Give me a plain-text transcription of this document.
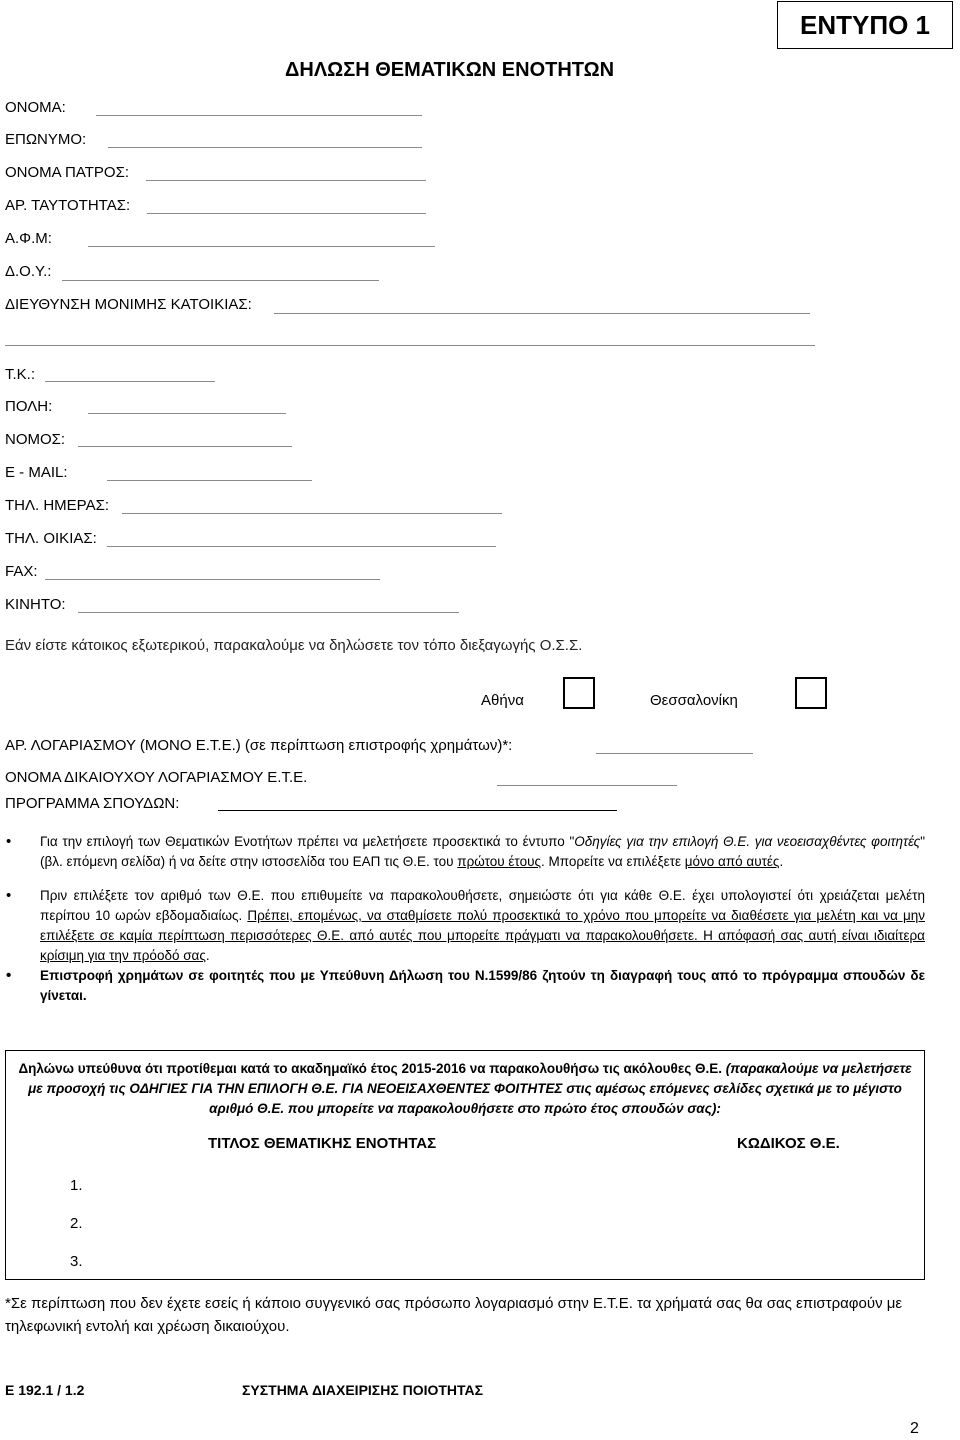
ΕΝΤΥΠΟ 1
ΔΗΛΩΣΗ ΘΕΜΑΤΙΚΩΝ ΕΝΟΤΗΤΩΝ
ΟΝΟΜΑ:
ΕΠΩΝΥΜΟ:
ΟΝΟΜΑ ΠΑΤΡΟΣ:
ΑΡ. ΤΑΥΤΟΤΗΤΑΣ:
Α.Φ.Μ:
Δ.Ο.Υ.:
ΔΙΕΥΘΥΝΣΗ ΜΟΝΙΜΗΣ ΚΑΤΟΙΚΙΑΣ:
Τ.Κ.:
ΠΟΛΗ:
ΝΟΜΟΣ:
Ε - MAIL:
ΤΗΛ. ΗΜΕΡΑΣ:
ΤΗΛ. ΟΙΚΙΑΣ:
FAX:
ΚΙΝΗΤΟ:
Εάν είστε κάτοικος εξωτερικού, παρακαλούμε να δηλώσετε τον τόπο διεξαγωγής Ο.Σ.Σ.
Αθήνα	Θεσσαλονίκη
ΑΡ. ΛΟΓΑΡΙΑΣΜΟΥ (ΜΟΝΟ Ε.Τ.Ε.) (σε περίπτωση επιστροφής χρημάτων)*:
ΟΝΟΜΑ ΔΙΚΑΙΟΥΧΟΥ ΛΟΓΑΡΙΑΣΜΟΥ Ε.Τ.Ε.
ΠΡΟΓΡΑΜΜΑ ΣΠΟΥΔΩΝ:
• Για την επιλογή των Θεματικών Ενοτήτων πρέπει να μελετήσετε προσεκτικά το έντυπο "Οδηγίες για την επιλογή Θ.Ε. για νεοεισαχθέντες φοιτητές" (βλ. επόμενη σελίδα) ή να δείτε στην ιστοσελίδα του ΕΑΠ τις Θ.Ε. του πρώτου έτους. Μπορείτε να επιλέξετε μόνο από αυτές.
• Πριν επιλέξετε τον αριθμό των Θ.Ε. που επιθυμείτε να παρακολουθήσετε, σημειώστε ότι για κάθε Θ.Ε. έχει υπολογιστεί ότι χρειάζεται μελέτη περίπου 10 ωρών εβδομαδιαίως. Πρέπει, επομένως, να σταθμίσετε πολύ προσεκτικά το χρόνο που μπορείτε να διαθέσετε για μελέτη και να μην επιλέξετε σε καμία περίπτωση περισσότερες Θ.Ε. από αυτές που μπορείτε πράγματι να παρακολουθήσετε. Η απόφασή σας αυτή είναι ιδιαίτερα κρίσιμη για την πρόοδό σας.
• Επιστροφή χρημάτων σε φοιτητές που με Υπεύθυνη Δήλωση του Ν.1599/86 ζητούν τη διαγραφή τους από το πρόγραμμα σπουδών δε γίνεται.
Δηλώνω υπεύθυνα ότι προτίθεμαι κατά το ακαδημαϊκό έτος 2015-2016 να παρακολουθήσω τις ακόλουθες Θ.Ε. (παρακαλούμε να μελετήσετε με προσοχή τις ΟΔΗΓΙΕΣ ΓΙΑ ΤΗΝ ΕΠΙΛΟΓΗ Θ.Ε. ΓΙΑ ΝΕΟΕΙΣΑΧΘΕΝΤΕΣ ΦΟΙΤΗΤΕΣ στις αμέσως επόμενες σελίδες σχετικά με το μέγιστο αριθμό Θ.Ε. που μπορείτε να παρακολουθήσετε στο πρώτο έτος σπουδών σας):
ΤΙΤΛΟΣ ΘΕΜΑΤΙΚΗΣ ΕΝΟΤΗΤΑΣ	ΚΩΔΙΚΟΣ Θ.Ε.
1.
2.
3.
*Σε περίπτωση που δεν έχετε εσείς ή κάποιο συγγενικό σας πρόσωπο λογαριασμό στην Ε.Τ.Ε. τα χρήματά σας θα σας επιστραφούν με τηλεφωνική εντολή και χρέωση δικαιούχου.
Ε 192.1 / 1.2	ΣΥΣΤΗΜΑ ΔΙΑΧΕΙΡΙΣΗΣ ΠΟΙΟΤΗΤΑΣ
2
